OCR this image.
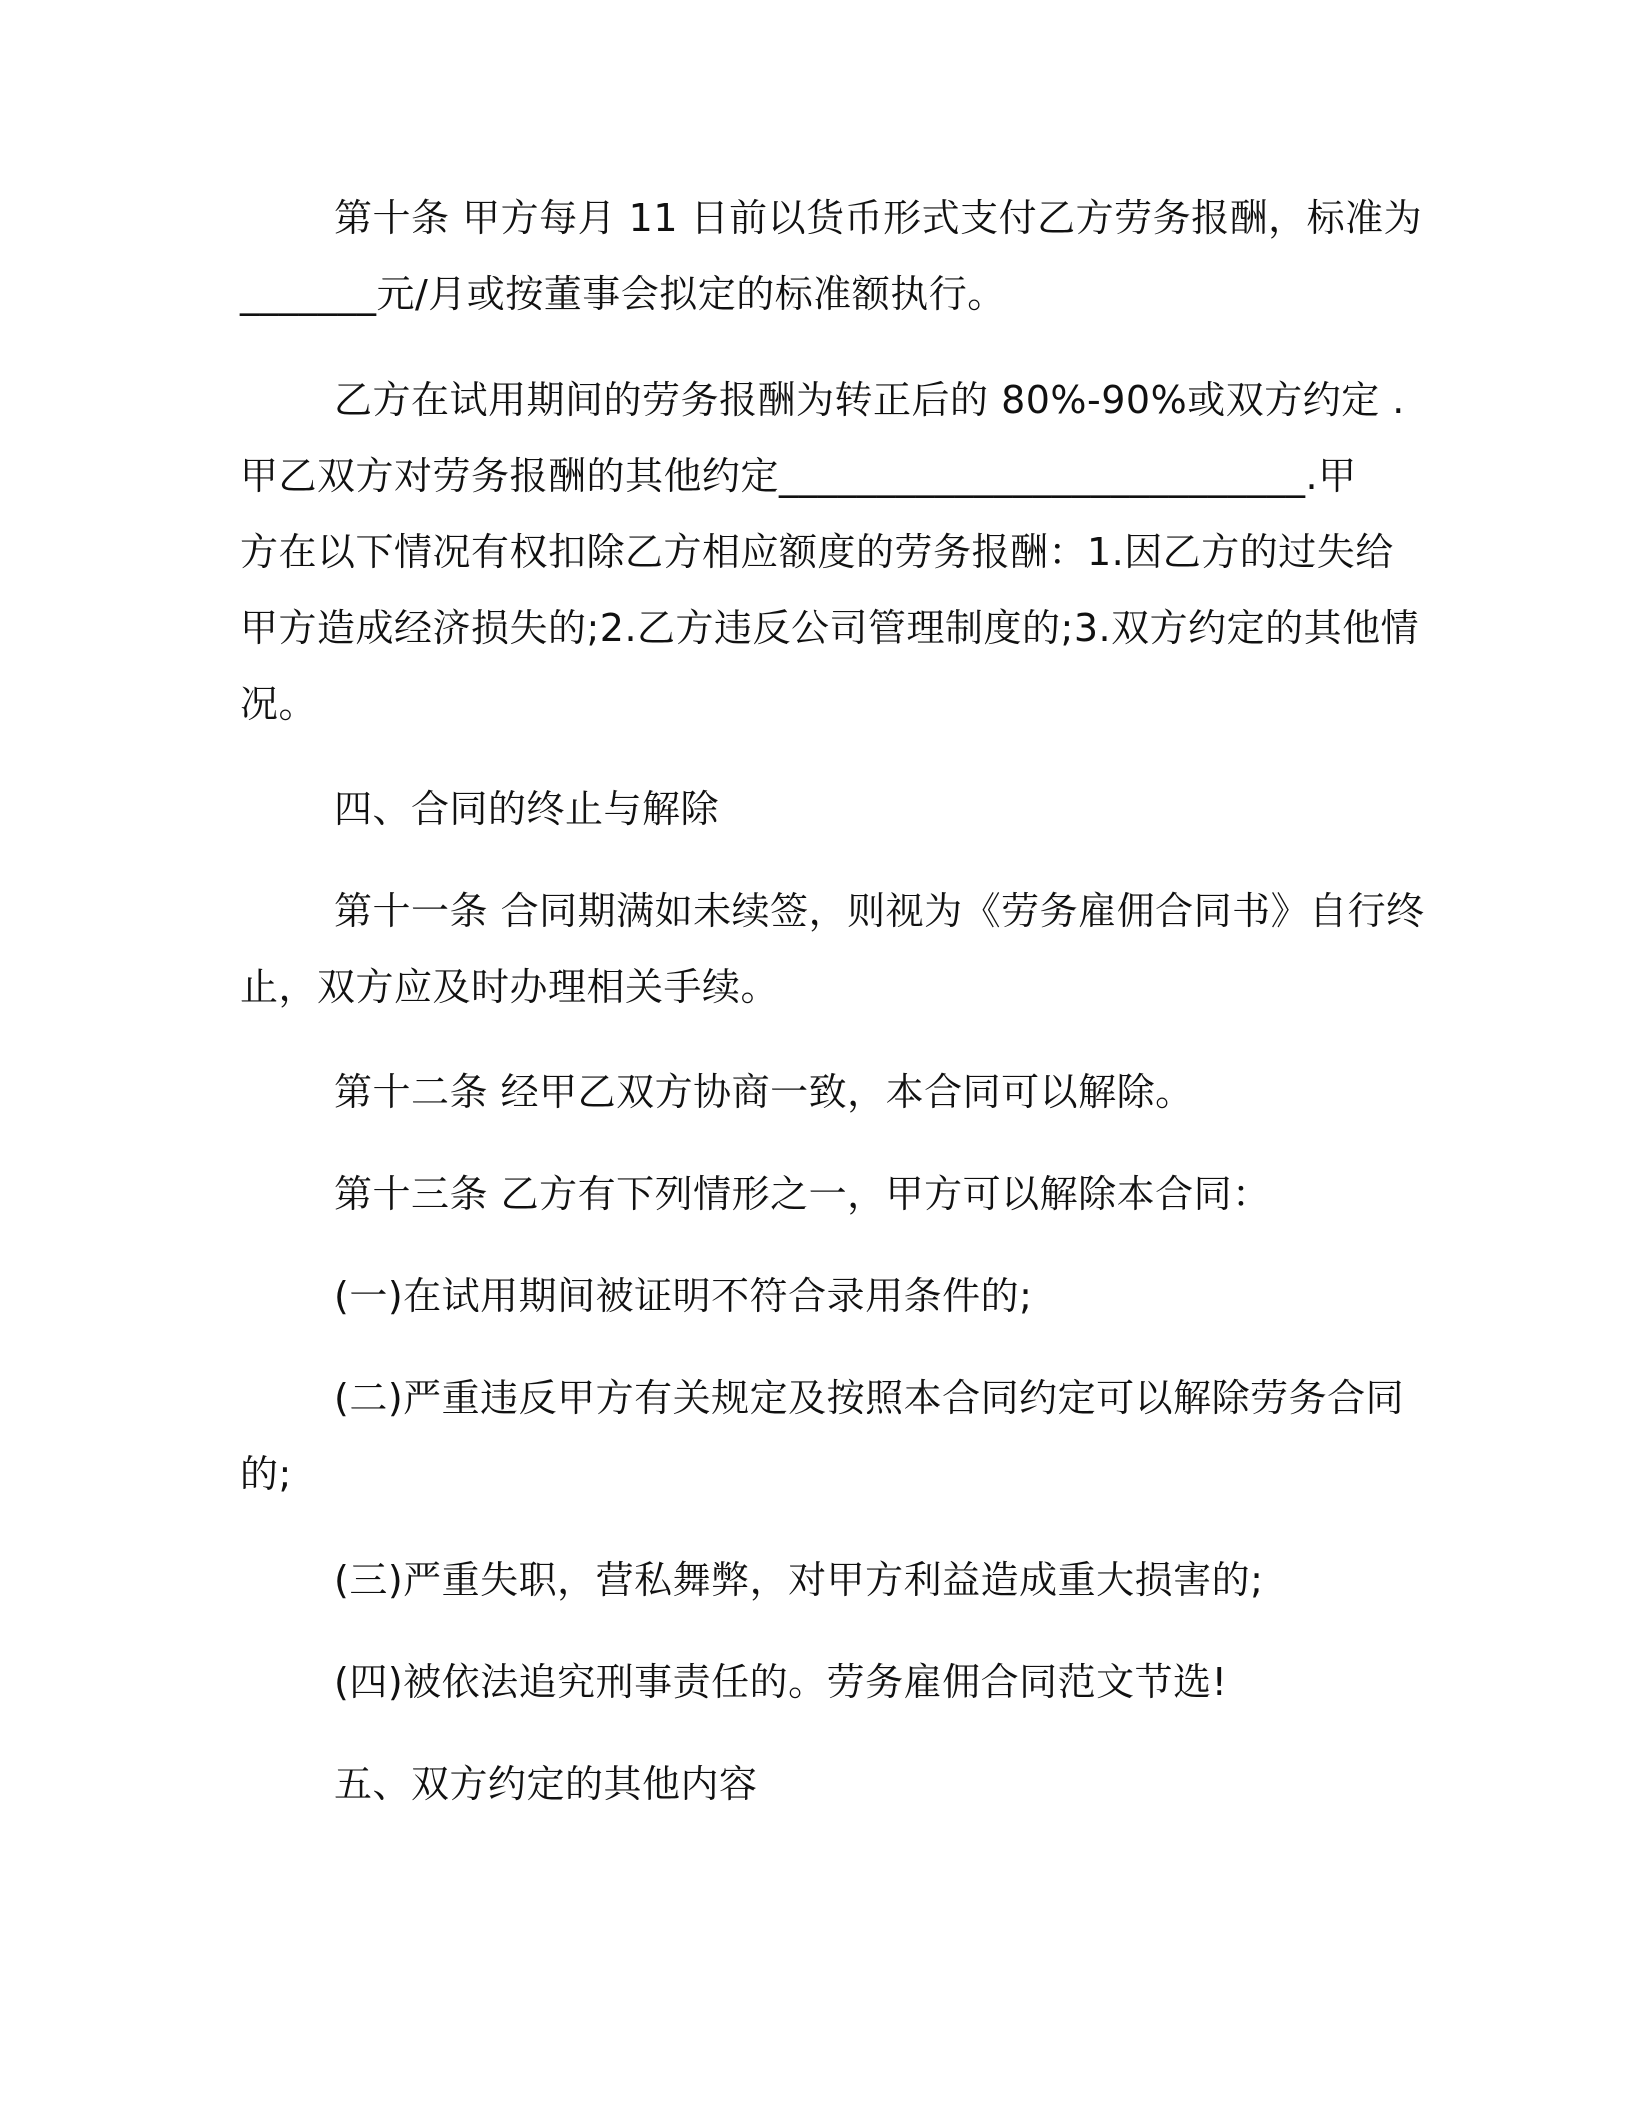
第十条 甲方每月 11 日前以货币形式支付乙方劳务报酬，标准为
_______元/月或按董事会拟定的标准额执行。
乙方在试用期间的劳务报酬为转正后的 80%-90%或双方约定 .
甲乙双方对劳务报酬的其他约定___________________________.甲
方在以下情况有权扣除乙方相应额度的劳务报酬：1.因乙方的过失给
甲方造成经济损失的;2.乙方违反公司管理制度的;3.双方约定的其他情
况。
四、合同的终止与解除
第十一条 合同期满如未续签，则视为《劳务雇佣合同书》自行终
止，双方应及时办理相关手续。
第十二条 经甲乙双方协商一致，本合同可以解除。
第十三条 乙方有下列情形之一，甲方可以解除本合同：
(一)在试用期间被证明不符合录用条件的;
(二)严重违反甲方有关规定及按照本合同约定可以解除劳务合同
的;
(三)严重失职，营私舞弊，对甲方利益造成重大损害的;
(四)被依法追究刑事责任的。劳务雇佣合同范文节选!
五、双方约定的其他内容
